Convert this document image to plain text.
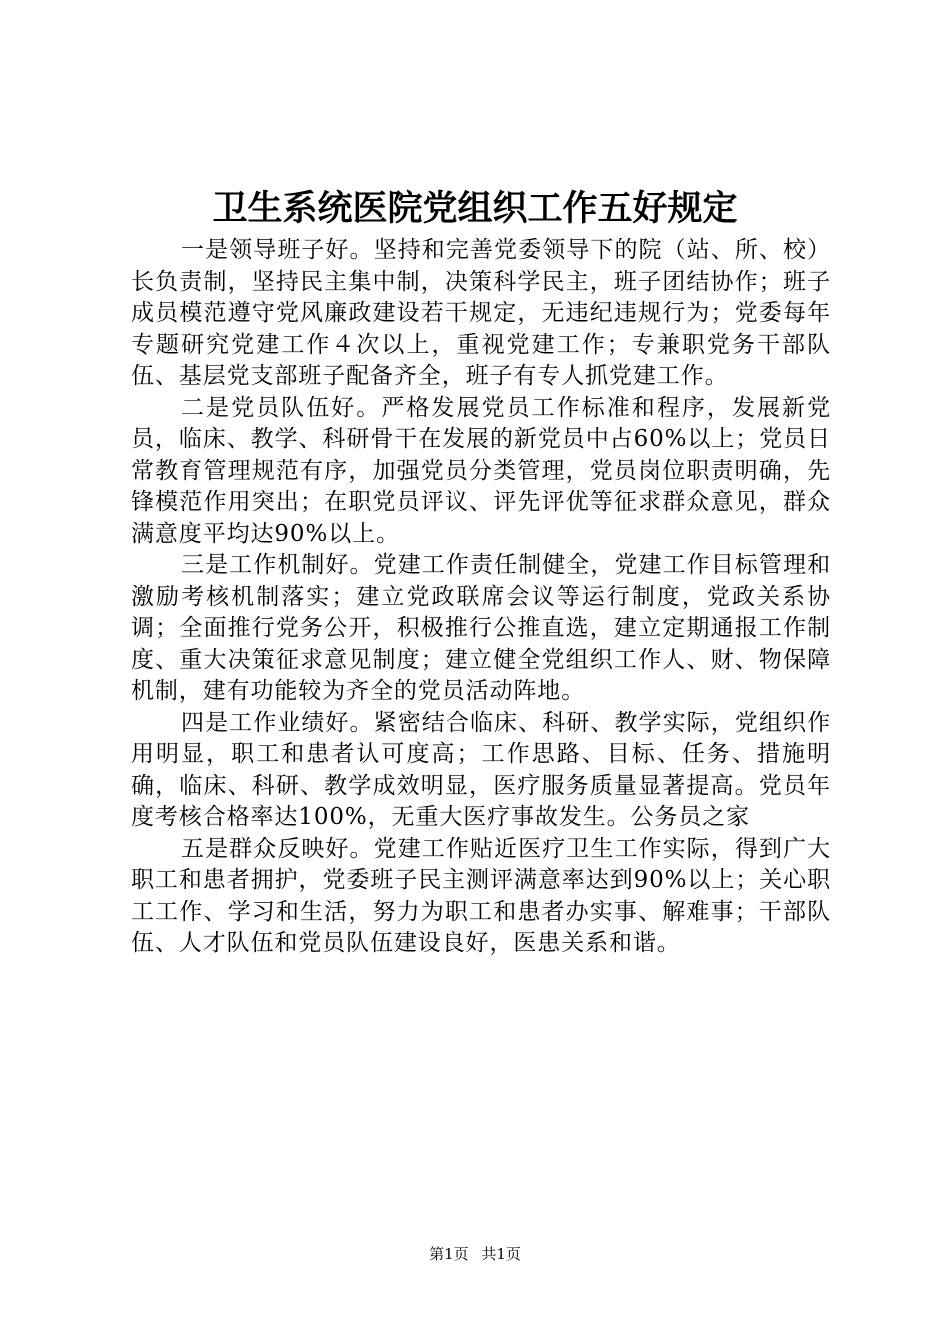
卫生系统医院党组织工作五好规定

一是领导班子好。坚持和完善党委领导下的院（站、所、校）长负责制，坚持民主集中制，决策科学民主，班子团结协作；班子成员模范遵守党风廉政建设若干规定，无违纪违规行为；党委每年专题研究党建工作４次以上，重视党建工作；专兼职党务干部队伍、基层党支部班子配备齐全，班子有专人抓党建工作。

二是党员队伍好。严格发展党员工作标准和程序，发展新党员，临床、教学、科研骨干在发展的新党员中占60%以上；党员日常教育管理规范有序，加强党员分类管理，党员岗位职责明确，先锋模范作用突出；在职党员评议、评先评优等征求群众意见，群众满意度平均达90%以上。

三是工作机制好。党建工作责任制健全，党建工作目标管理和激励考核机制落实；建立党政联席会议等运行制度，党政关系协调；全面推行党务公开，积极推行公推直选，建立定期通报工作制度、重大决策征求意见制度；建立健全党组织工作人、财、物保障机制，建有功能较为齐全的党员活动阵地。

四是工作业绩好。紧密结合临床、科研、教学实际，党组织作用明显，职工和患者认可度高；工作思路、目标、任务、措施明确，临床、科研、教学成效明显，医疗服务质量显著提高。党员年度考核合格率达100%，无重大医疗事故发生。公务员之家

五是群众反映好。党建工作贴近医疗卫生工作实际，得到广大职工和患者拥护，党委班子民主测评满意率达到90%以上；关心职工工作、学习和生活，努力为职工和患者办实事、解难事；干部队伍、人才队伍和党员队伍建设良好，医患关系和谐。

第1页 共1页
